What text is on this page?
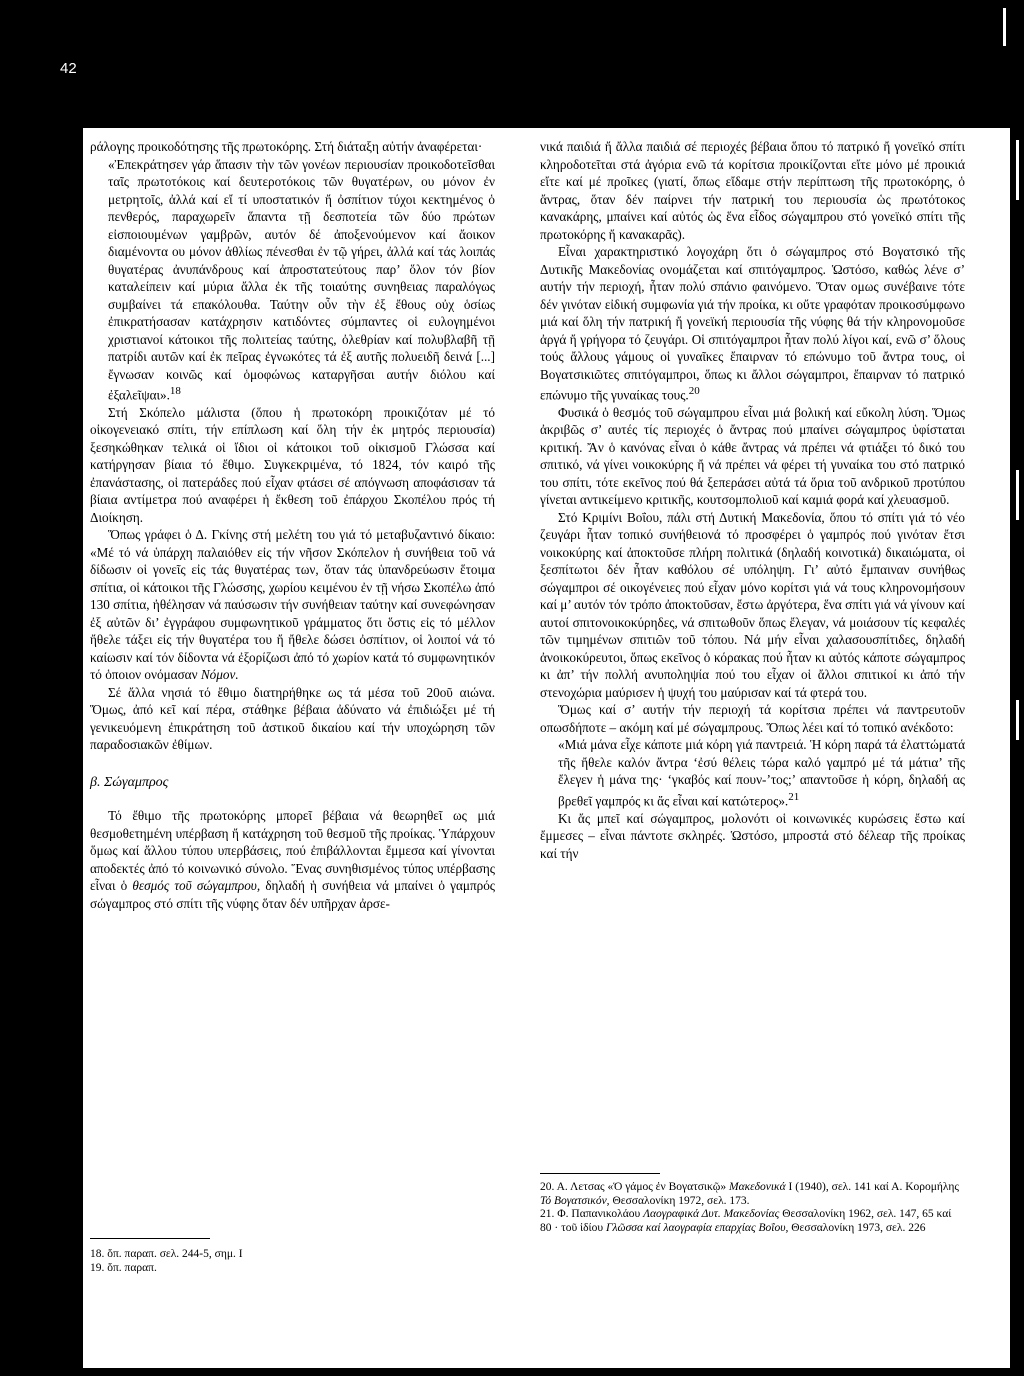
42

ράλογης προικοδότησης τῆς πρωτοκόρης. Στή διάταξη αὐτήν ἀναφέρεται·

«Ἐπεκράτησεν γάρ ἅπασιν τὴν τῶν γονέων περιουσίαν προικοδοτεῖσθαι ταῖς πρωτοτόκοις καί δευτεροτόκοις τῶν θυγατέρων, ου μόνον ἐν μετρητοῖς, ἀλλά καί εἴ τί υποστατικόν ἤ ὀσπίτιον τύχοι κεκτημένος ὁ πενθερός, παραχωρεῖν ἅπαντα τῇ δεσποτεία τῶν δύο πρώτων εἰσποιουμένων γαμβρῶν, αυτόν δέ ἀποξενούμενον καί ἄοικον διαμένοντα ου μόνον ἀθλίως πένεσθαι ἐν τῷ γήρει, ἀλλά καί τάς λοιπάς θυγατέρας ἀνυπάνδρους καί ἀπροστατεύτους παρ’ ὅλον τόν βίον καταλείπειν καί μύρια ἄλλα ἐκ τῆς τοιαύτης συνηθειας παραλόγως συμβαίνει τά επακόλουθα. Ταύτην οὖν τὴν ἐξ ἔθους οὐχ ὁσίως ἐπικρατήσασαν κατάχρησιν κατιδόντες σύμπαντες οἱ ευλογημένοι χριστιανοί κάτοικοι τῆς πολιτείας ταύτης, ὀλεθρίαν καί πολυβλαβῆ τῇ πατρίδι αυτῶν καί ἐκ πεῖρας ἐγνωκότες τά ἐξ αυτῆς πολυειδῆ δεινά [...] ἔγνωσαν κοινῶς καί ὁμοφώνως καταργῆσαι αυτήν διόλου καί ἐξαλεῖψαι».$^{18}$

Στή Σκόπελο μάλιστα (ὅπου ἡ πρωτοκόρη προικιζόταν μέ τό οἰκογενειακό σπίτι, τήν επίπλωση καί ὅλη τήν ἐκ μητρός περιουσία) ξεσηκώθηκαν τελικά οἱ ἴδιοι οἱ κάτοικοι τοῦ οἰκισμοῦ Γλώσσα καί κατήργησαν βίαια τό ἔθιμο. Συγκεκριμένα, τό 1824, τόν καιρό τῆς ἐπανάστασης, οἱ πατεράδες πού εἶχαν φτάσει σέ απόγνωση αποφάσισαν τά βίαια αντίμετρα πού αναφέρει ἡ ἔκθεση τοῦ ἐπάρχου Σκοπέλου πρός τή Διοίκηση.

Ὅπως γράφει ὁ Δ. Γκίνης στή μελέτη του γιά τό μεταβυζαντινό δίκαιο: «Μέ τό νά ὑπάρχη παλαιόθεν εἰς τήν νῆσον Σκόπελον ἡ συνήθεια τοῦ νά δίδωσιν οἱ γονεῖς εἰς τάς θυγατέρας των, ὅταν τάς ὑπανδρεύωσιν ἕτοιμα σπίτια, οἱ κάτοικοι τῆς Γλώσσης, χωρίου κειμένου ἐν τῇ νήσω Σκοπέλω ἀπό 130 σπίτια, ἠθέλησαν νά παύσωσιν τήν συνήθειαν ταύτην καί συνεφώνησαν ἐξ αὐτῶν δι’ ἐγγράφου συμφωνητικοῦ γράμματος ὅτι ὅστις εἰς τό μέλλον ἤθελε τάξει εἰς τήν θυγατέρα του ἤ ἤθελε δώσει ὀσπίτιον, οἱ λοιποί νά τό καίωσιν καί τόν δίδοντα νά ἐξορίζωσι ἀπό τό χωρίον κατά τό συμφωνητικόν τό ὁποιον ονόμασαν Νόμον.

Σέ ἄλλα νησιά τό ἔθιμο διατηρήθηκε ως τά μέσα τοῦ 20οῦ αιώνα. Ὅμως, ἀπό κεῖ καί πέρα, στάθηκε βέβαια ἀδύνατο νά ἐπιδιώξει μέ τή γενικευόμενη ἐπικράτηση τοῦ ἀστικοῦ δικαίου καί τήν υποχώρηση τῶν παραδοσιακῶν ἐθίμων.

β. Σώγαμπρος

Τό ἔθιμο τῆς πρωτοκόρης μπορεῖ βέβαια νά θεωρηθεῖ ως μιά θεσμοθετημένη υπέρβαση ἤ κατάχρηση τοῦ θεσμοῦ τῆς προίκας. Ὑπάρχουν ὅμως καί ἄλλου τύπου υπερβάσεις, πού ἐπιβάλλονται ἔμμεσα καί γίνονται αποδεκτές ἀπό τό κοινωνικό σύνολο. Ἕνας συνηθισμένος τύπος υπέρβασης εἶναι ὁ θεσμός τοῦ σώγαμπρου, δηλαδή ἡ συνήθεια νά μπαίνει ὁ γαμπρός σώγαμπρος στό σπίτι τῆς νύφης ὅταν δέν υπῆρχαν ἀρσε-

18. ὄπ. παραπ. σελ. 244-5, σημ. I
19. ὅπ. παραπ.

νικά παιδιά ἤ ἄλλα παιδιά σέ περιοχές βέβαια ὅπου τό πατρικό ἤ γονεϊκό σπίτι κληροδοτεῖται στά ἀγόρια ενῶ τά κορίτσια προικίζονται εἴτε μόνο μέ προικιά εἴτε καί μέ προῖκες (γιατί, ὅπως εἴδαμε στήν περίπτωση τῆς πρωτοκόρης, ὁ ἄντρας, ὅταν δέν παίρνει τήν πατρική του περιουσία ὡς πρωτότοκος κανακάρης, μπαίνει καί αὐτός ὡς ἕνα εἶδος σώγαμπρου στό γονεϊκό σπίτι τῆς πρωτοκόρης ἤ κανακαρᾶς).

Εἶναι χαρακτηριστικό λογοχάρη ὅτι ὁ σώγαμπρος στό Βογατσικό τῆς Δυτικῆς Μακεδονίας ονομάζεται καί σπιτόγαμπρος. Ὡστόσο, καθώς λένε σ’ αυτήν τήν περιοχή, ἦταν πολύ σπάνιο φαινόμενο. Ὅταν ομως συνέβαινε τότε δέν γινόταν εἰδική συμφωνία γιά τήν προίκα, κι οὔτε γραφόταν προικοσύμφωνο μιά καί ὅλη τήν πατρική ἤ γονεϊκή περιουσία τῆς νύφης θά τήν κληρονομοῦσε ἀργά ἤ γρήγορα τό ζευγάρι. Οἱ σπιτόγαμπροι ἦταν πολύ λίγοι καί, ενῶ σ’ ὅλους τούς ἄλλους γάμους οἱ γυναῖκες ἔπαιρναν τό επώνυμο τοῦ ἄντρα τους, οἱ Βογατσικιῶτες σπιτόγαμπροι, ὅπως κι ἄλλοι σώγαμπροι, ἔπαιρναν τό πατρικό επώνυμο τῆς γυναίκας τους.$^{20}$

Φυσικά ὁ θεσμός τοῦ σώγαμπρου εἶναι μιά βολική καί εὔκολη λύση. Ὅμως ἀκριβῶς σ’ αυτές τίς περιοχές ὁ ἄντρας πού μπαίνει σώγαμπρος ὑφίσταται κριτική. Ἄν ὁ κανόνας εἶναι ὁ κάθε ἄντρας νά πρέπει νά φτιάξει τό δικό του σπιτικό, νά γίνει νοικοκύρης ἤ νά πρέπει νά φέρει τή γυναίκα του στό πατρικό του σπίτι, τότε εκεῖνος πού θά ξεπεράσει αὐτά τά ὅρια τοῦ ανδρικοῦ προτύπου γίνεται αντικείμενο κριτικῆς, κουτσομπολιοῦ καί καμιά φορά καί χλευασμοῦ.

Στό Κριμίνι Βοΐου, πάλι στή Δυτική Μακεδονία, ὅπου τό σπίτι γιά τό νέο ζευγάρι ἦταν τοπικό συνήθειονά τό προσφέρει ὁ γαμπρός πού γινόταν ἔτσι νοικοκύρης καί ἀποκτοῦσε πλήρη πολιτικά (δηλαδή κοινοτικά) δικαιώματα, οἱ ξεσπίτωτοι δέν ἦταν καθόλου σέ υπόληψη. Γι’ αὐτό ἔμπαιναν συνήθως σώγαμπροι σέ οικογένειες πού εἶχαν μόνο κορίτσι γιά νά τους κληρονομήσουν καί μ’ αυτόν τόν τρόπο ἀποκτοῦσαν, ἔστω ἀργότερα, ἕνα σπίτι γιά νά γίνουν καί αυτοί σπιτονοικοκύρηδες, νά σπιτωθοῦν ὅπως ἔλεγαν, νά μοιάσουν τίς κεφαλές τῶν τιμημένων σπιτιῶν τοῦ τόπου. Νά μήν εἶναι χαλασουσπίτιδες, δηλαδή ἀνοικοκύρευτοι, ὅπως εκεῖνος ὁ κόρακας πού ἦταν κι αὐτός κάποτε σώγαμπρος κι ἀπ’ τήν πολλή ανυπολη​ψία πού του εἶχαν οἱ ἄλλοι σπιτικοί κι ἀπό τήν στενοχώρια μαύρισεν ἡ ψυχή του μαύρισαν καί τά φτερά του.

Ὅμως καί σ’ αυτήν τήν περιοχή τά κορίτσια πρέπει νά παντρευτοῦν οπωσδήποτε – ακόμη καί μέ σώγαμπρους. Ὅπως λέει καί τό τοπικό ανέκδοτο:

«Μιά μάνα εἶχε κάποτε μιά κόρη γιά παντρειά. Ἡ κόρη παρά τά ἐλαττώματά τῆς ἤθελε καλόν ἄντρα ‘ἐσύ θέλεις τώρα καλό γαμπρό μέ τά μάτια’ τῆς ἔλεγεν ἡ μάνα της· ‘γκαβός καί πουν-’τος;’ απαντοῦσε ἡ κόρη, δηλαδή ας βρεθεῖ γαμπρός κι ἄς εἶναι καί κατώτερος».$^{21}$

Κι ἄς μπεῖ καί σώγαμπρος, μολονότι οἱ κοινωνικές κυρώσεις ἔστω καί ἔμμεσες – εἶναι πάντοτε σκληρές. Ὡστόσο, μπροστά στό δέλεαρ τῆς προίκας καί τήν

20. Α. Λετσας «Ὁ γάμος ἐν Βογατσικῷ» Μακεδονικά I (1940), σελ. 141 καί Α. Κορομήλης Τό Βογατσικόν, Θεσσαλονίκη 1972, σελ. 173.
21. Φ. Παπανικολάου Λαογραφικά Δυτ. Μακεδονίας Θεσσαλονίκη 1962, σελ. 147, 65 καί 80 · τοῦ ἰδίου Γλῶσσα καί λαογραφία επαρχίας Βοΐου, Θεσσαλονίκη 1973, σελ. 226
